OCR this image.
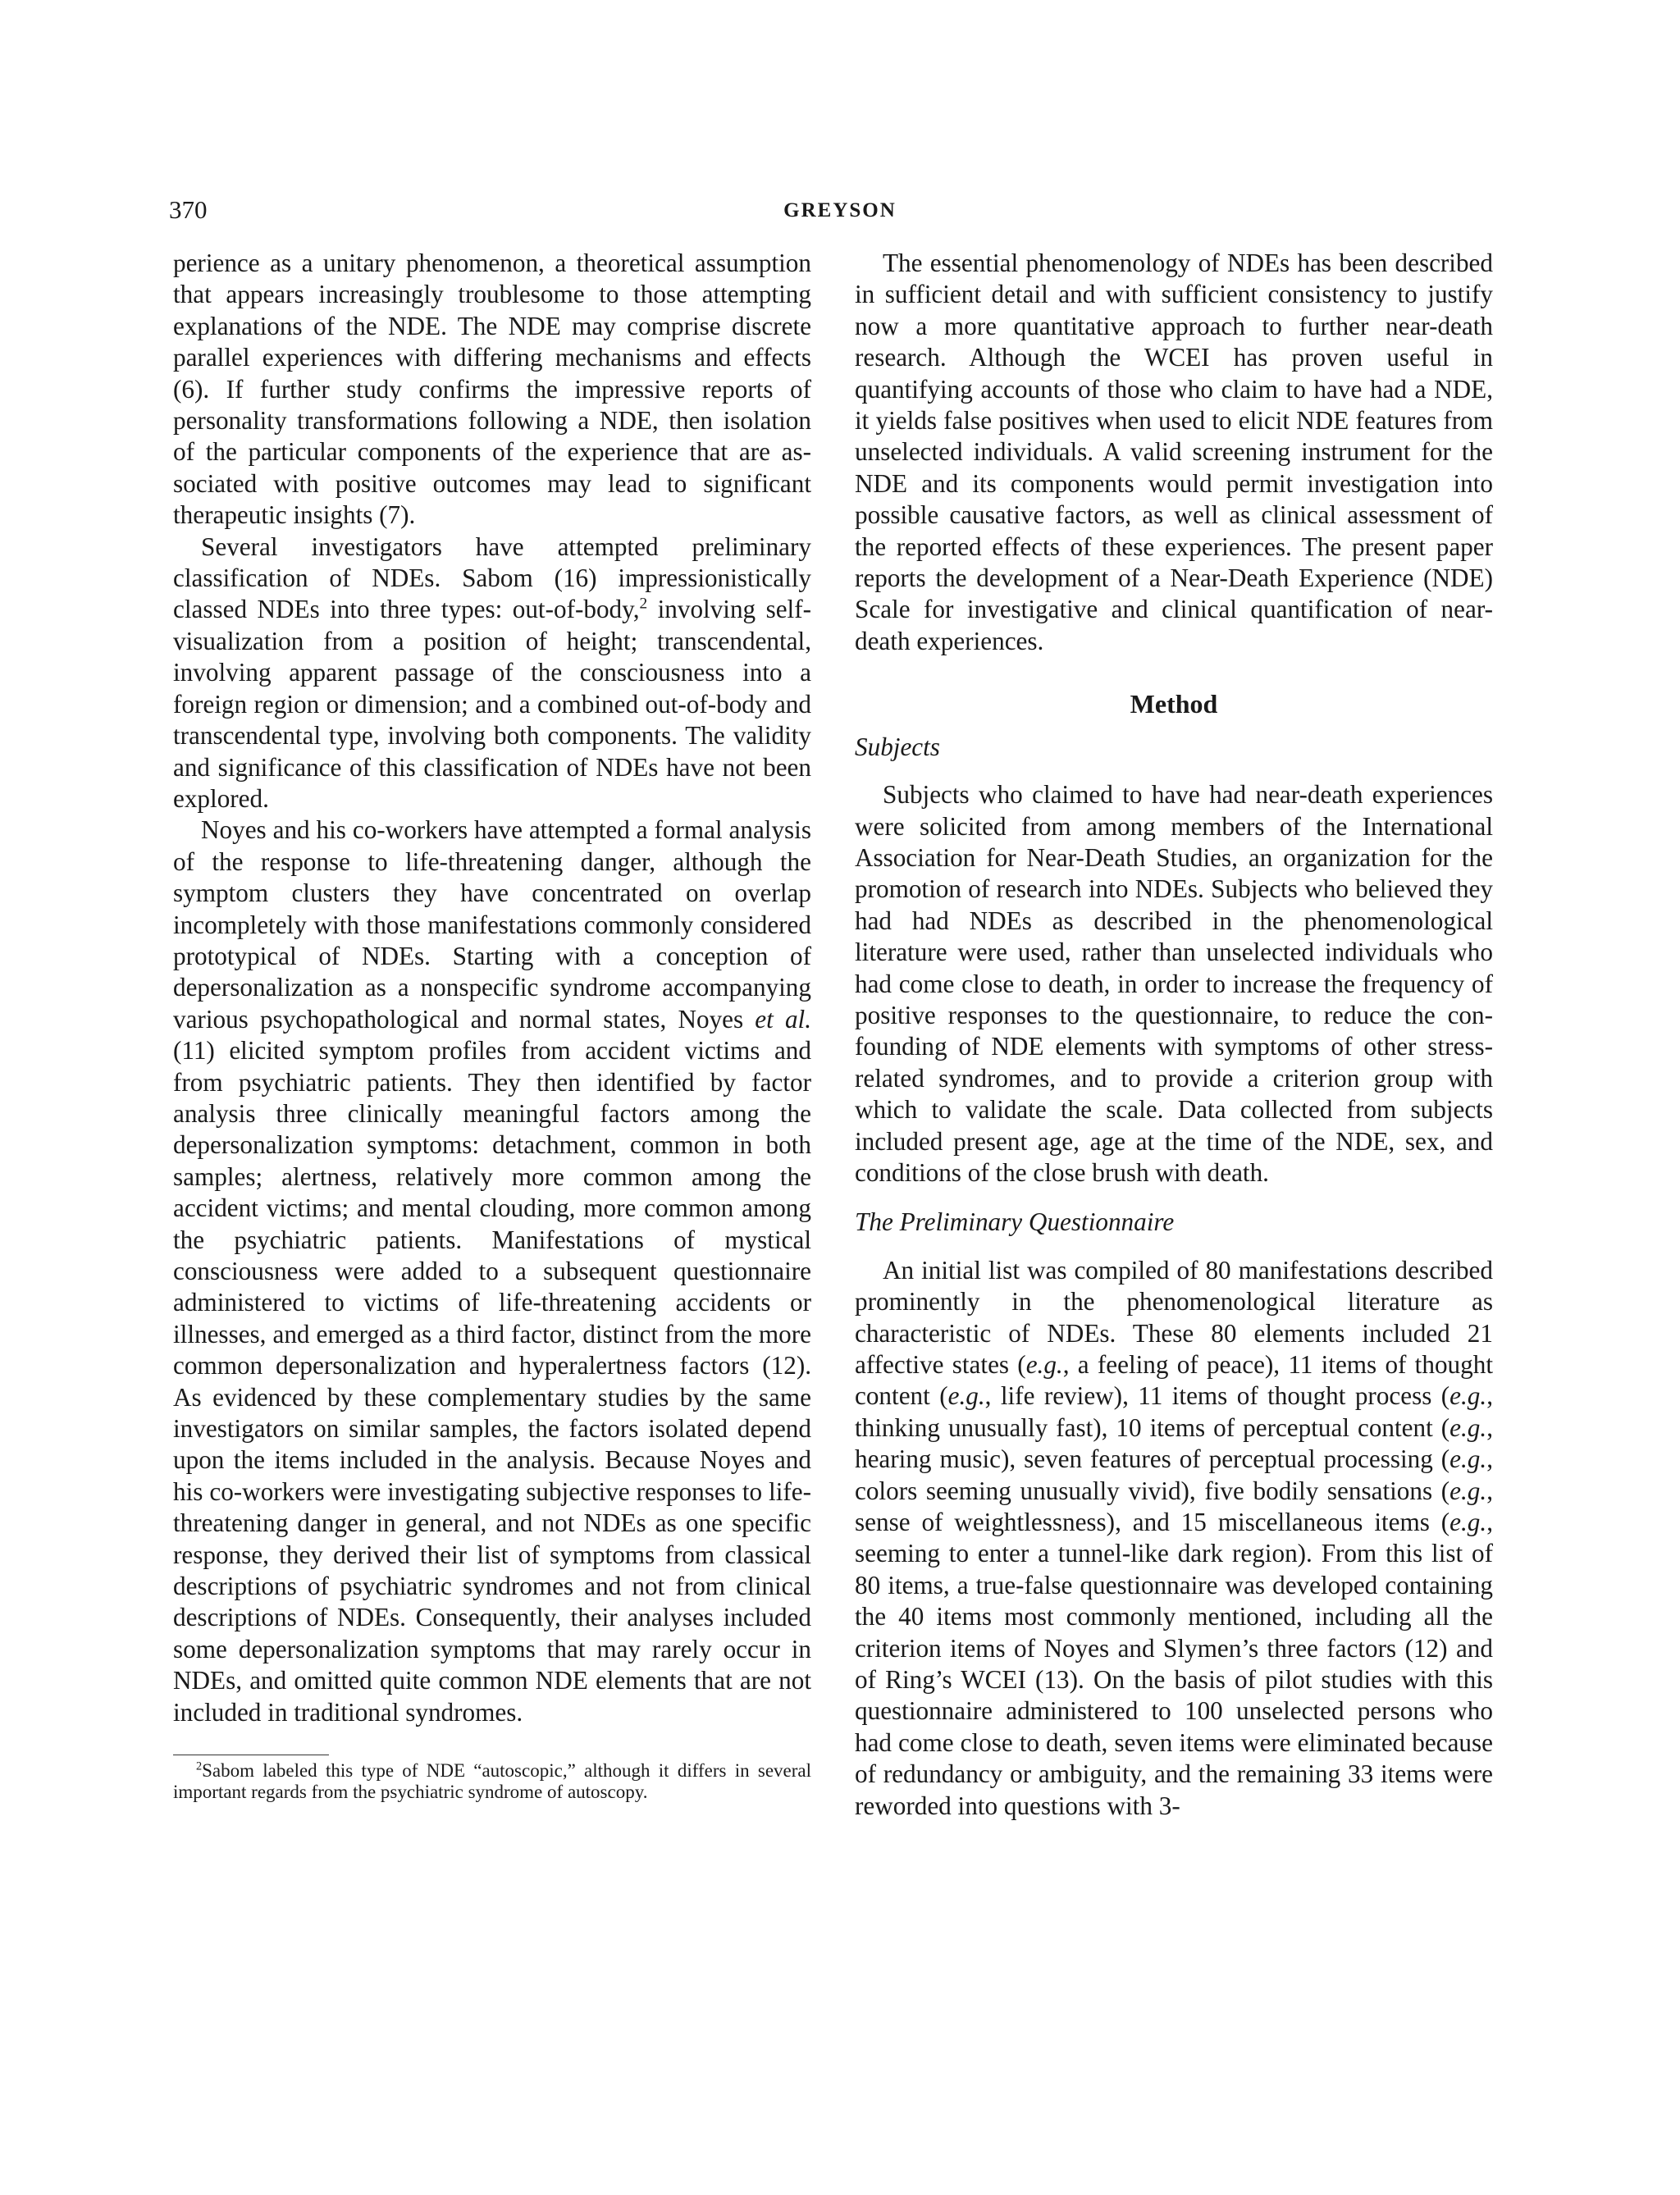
370	GREYSON

perience as a unitary phenomenon, a theoretical assumption that appears increasingly troublesome to those attempting explanations of the NDE. The NDE may comprise discrete parallel experiences with differing mechanisms and effects (6). If further study confirms the impressive reports of personality transformations following a NDE, then isolation of the particular components of the experience that are associated with positive outcomes may lead to significant therapeutic insights (7).

Several investigators have attempted preliminary classification of NDEs. Sabom (16) impressionistically classed NDEs into three types: out-of-body,$^2$ involving self-visualization from a position of height; transcendental, involving apparent passage of the consciousness into a foreign region or dimension; and a combined out-of-body and transcendental type, involving both components. The validity and significance of this classification of NDEs have not been explored.

Noyes and his co-workers have attempted a formal analysis of the response to life-threatening danger, although the symptom clusters they have concentrated on overlap incompletely with those manifestations commonly considered prototypical of NDEs. Starting with a conception of depersonalization as a nonspecific syndrome accompanying various psychopathological and normal states, Noyes et al. (11) elicited symptom profiles from accident victims and from psychiatric patients. They then identified by factor analysis three clinically meaningful factors among the depersonalization symptoms: detachment, common in both samples; alertness, relatively more common among the accident victims; and mental clouding, more common among the psychiatric patients. Manifestations of mystical consciousness were added to a subsequent questionnaire administered to victims of life-threatening accidents or illnesses, and emerged as a third factor, distinct from the more common depersonalization and hyperalertness factors (12). As evidenced by these complementary studies by the same investigators on similar samples, the factors isolated depend upon the items included in the analysis. Because Noyes and his co-workers were investigating subjective responses to life-threatening danger in general, and not NDEs as one specific response, they derived their list of symptoms from classical descriptions of psychiatric syndromes and not from clinical descriptions of NDEs. Consequently, their analyses included some depersonalization symptoms that may rarely occur in NDEs, and omitted quite common NDE elements that are not included in traditional syndromes.

$^2$Sabom labeled this type of NDE “autoscopic,” although it differs in several important regards from the psychiatric syndrome of autoscopy.

The essential phenomenology of NDEs has been described in sufficient detail and with sufficient consistency to justify now a more quantitative approach to further near-death research. Although the WCEI has proven useful in quantifying accounts of those who claim to have had a NDE, it yields false positives when used to elicit NDE features from unselected individuals. A valid screening instrument for the NDE and its components would permit investigation into possible causative factors, as well as clinical assessment of the reported effects of these experiences. The present paper reports the development of a Near-Death Experience (NDE) Scale for investigative and clinical quantification of near-death experiences.

Method
Subjects

Subjects who claimed to have had near-death experiences were solicited from among members of the International Association for Near-Death Studies, an organization for the promotion of research into NDEs. Subjects who believed they had had NDEs as described in the phenomenological literature were used, rather than unselected individuals who had come close to death, in order to increase the frequency of positive responses to the questionnaire, to reduce the confounding of NDE elements with symptoms of other stress-related syndromes, and to provide a criterion group with which to validate the scale. Data collected from subjects included present age, age at the time of the NDE, sex, and conditions of the close brush with death.

The Preliminary Questionnaire

An initial list was compiled of 80 manifestations described prominently in the phenomenological literature as characteristic of NDEs. These 80 elements included 21 affective states (e.g., a feeling of peace), 11 items of thought content (e.g., life review), 11 items of thought process (e.g., thinking unusually fast), 10 items of perceptual content (e.g., hearing music), seven features of perceptual processing (e.g., colors seeming unusually vivid), five bodily sensations (e.g., sense of weightlessness), and 15 miscellaneous items (e.g., seeming to enter a tunnel-like dark region). From this list of 80 items, a true-false questionnaire was developed containing the 40 items most commonly mentioned, including all the criterion items of Noyes and Slymen’s three factors (12) and of Ring’s WCEI (13). On the basis of pilot studies with this questionnaire administered to 100 unselected persons who had come close to death, seven items were eliminated because of redundancy or ambiguity, and the remaining 33 items were reworded into questions with 3-
